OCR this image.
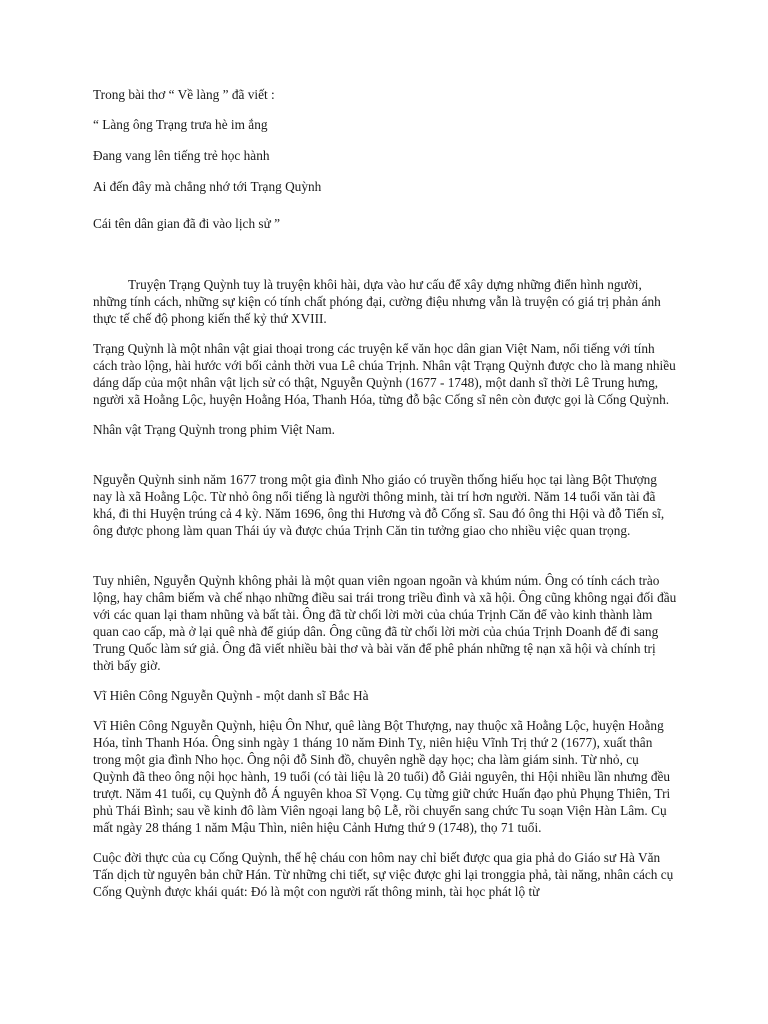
Trong bài thơ “ Về làng ” đã viết :

“ Làng ông Trạng trưa hè im ắng

Đang vang lên tiếng trẻ học hành

Ai đến đây mà chẳng nhớ tới Trạng Quỳnh

Cái tên dân gian đã đi vào lịch sử ”

Truyện Trạng Quỳnh tuy là truyện khôi hài, dựa vào hư cấu để xây dựng những điển hình người, những tính cách, những sự kiện có tính chất phóng đại, cường điệu nhưng vẫn là truyện có giá trị phản ánh thực tế chế độ phong kiến thế kỷ thứ XVIII.

Trạng Quỳnh là một nhân vật giai thoại trong các truyện kể văn học dân gian Việt Nam, nổi tiếng với tính cách trào lộng, hài hước với bối cảnh thời vua Lê chúa Trịnh. Nhân vật Trạng Quỳnh được cho là mang nhiều dáng dấp của một nhân vật lịch sử có thật, Nguyễn Quỳnh (1677 - 1748), một danh sĩ thời Lê Trung hưng, người xã Hoằng Lộc, huyện Hoằng Hóa, Thanh Hóa, từng đỗ bậc Cống sĩ nên còn được gọi là Cống Quỳnh.

Nhân vật Trạng Quỳnh trong phim Việt Nam.

Nguyễn Quỳnh sinh năm 1677 trong một gia đình Nho giáo có truyền thống hiếu học tại làng Bột Thượng nay là xã Hoằng Lộc. Từ nhỏ ông nổi tiếng là người thông minh, tài trí hơn người. Năm 14 tuổi văn tài đã khá, đi thi Huyện trúng cả 4 kỳ. Năm 1696, ông thi Hương và đỗ Cống sĩ. Sau đó ông thi Hội và đỗ Tiến sĩ, ông được phong làm quan Thái úy và được chúa Trịnh Căn tin tưởng giao cho nhiều việc quan trọng.

Tuy nhiên, Nguyễn Quỳnh không phải là một quan viên ngoan ngoãn và khúm núm. Ông có tính cách trào lộng, hay châm biếm và chế nhạo những điều sai trái trong triều đình và xã hội. Ông cũng không ngại đối đầu với các quan lại tham nhũng và bất tài. Ông đã từ chối lời mời của chúa Trịnh Căn để vào kinh thành làm quan cao cấp, mà ở lại quê nhà để giúp dân. Ông cũng đã từ chối lời mời của chúa Trịnh Doanh để đi sang Trung Quốc làm sứ giả. Ông đã viết nhiều bài thơ và bài văn để phê phán những tệ nạn xã hội và chính trị thời bấy giờ.

Vĩ Hiên Công Nguyễn Quỳnh - một danh sĩ Bắc Hà

Vĩ Hiên Công Nguyễn Quỳnh, hiệu Ôn Như, quê làng Bột Thượng, nay thuộc xã Hoằng Lộc, huyện Hoằng Hóa, tỉnh Thanh Hóa. Ông sinh ngày 1 tháng 10 năm Đinh Tỵ, niên hiệu Vĩnh Trị thứ 2 (1677), xuất thân trong một gia đình Nho học. Ông nội đỗ Sinh đồ, chuyên nghề dạy học; cha làm giám sinh. Từ nhỏ, cụ Quỳnh đã theo ông nội học hành, 19 tuổi (có tài liệu là 20 tuổi) đỗ Giải nguyên, thi Hội nhiều lần nhưng đều trượt. Năm 41 tuổi, cụ Quỳnh đỗ Á nguyên khoa Sĩ Vọng. Cụ từng giữ chức Huấn đạo phủ Phụng Thiên, Tri phủ Thái Bình; sau về kinh đô làm Viên ngoại lang bộ Lễ, rồi chuyển sang chức Tu soạn Viện Hàn Lâm. Cụ mất ngày 28 tháng 1 năm Mậu Thìn, niên hiệu Cảnh Hưng thứ 9 (1748), thọ 71 tuổi.

Cuộc đời thực của cụ Cống Quỳnh, thế hệ cháu con hôm nay chỉ biết được qua gia phả do Giáo sư Hà Văn Tấn dịch từ nguyên bản chữ Hán. Từ những chi tiết, sự việc được ghi lại tronggia phả, tài năng, nhân cách cụ Cống Quỳnh được khái quát: Đó là một con người rất thông minh, tài học phát lộ từ
